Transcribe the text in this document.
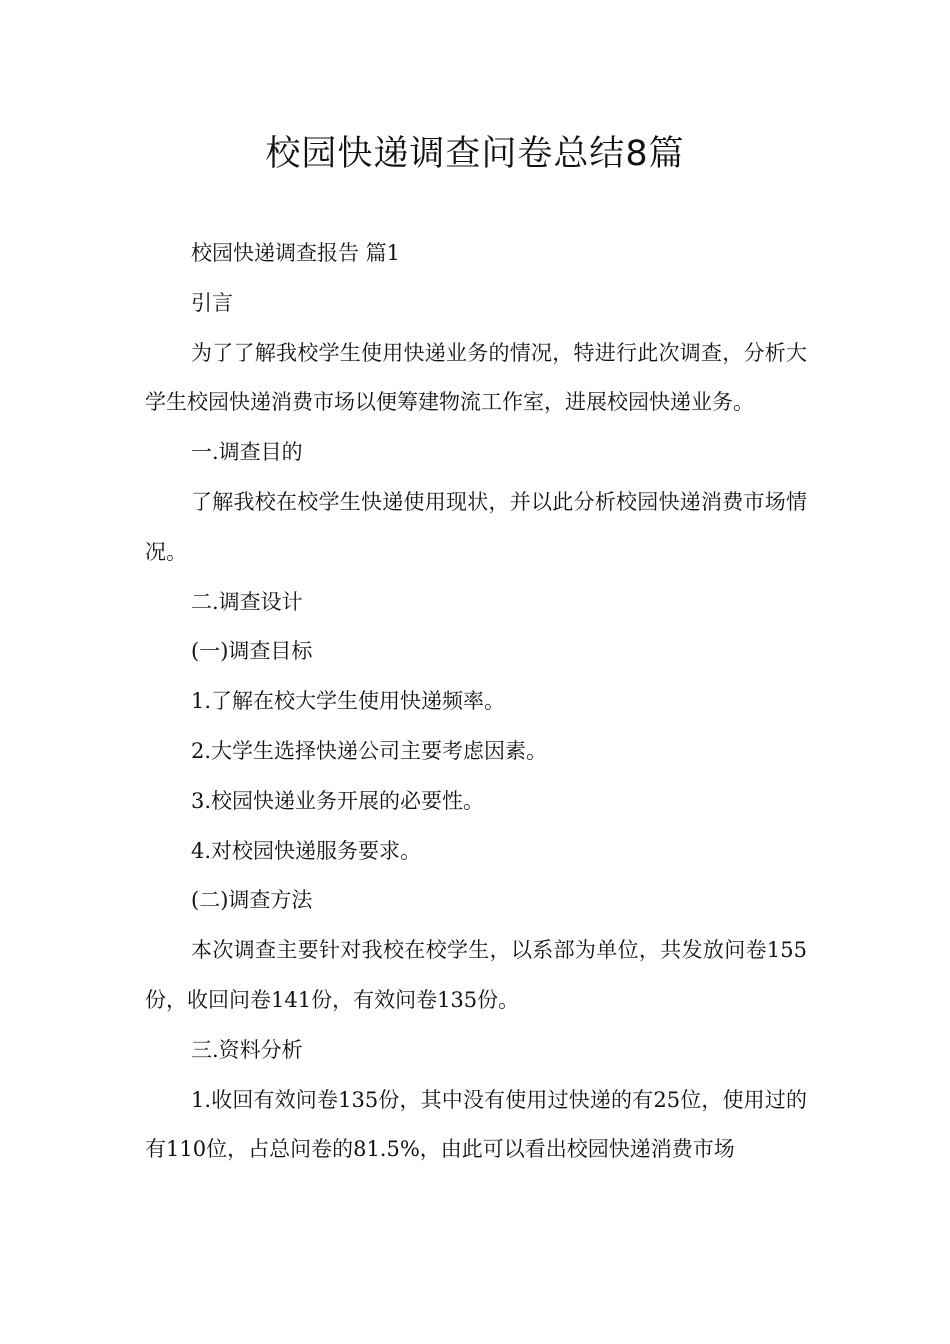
校园快递调查问卷总结8篇

校园快递调查报告 篇1

引言

为了了解我校学生使用快递业务的情况，特进行此次调查，分析大学生校园快递消费市场以便筹建物流工作室，进展校园快递业务。

一.调查目的

了解我校在校学生快递使用现状，并以此分析校园快递消费市场情况。

二.调查设计

(一)调查目标

1.了解在校大学生使用快递频率。

2.大学生选择快递公司主要考虑因素。

3.校园快递业务开展的必要性。

4.对校园快递服务要求。

(二)调查方法

本次调查主要针对我校在校学生，以系部为单位，共发放问卷155份，收回问卷141份，有效问卷135份。

三.资料分析

1.收回有效问卷135份，其中没有使用过快递的有25位，使用过的有110位，占总问卷的81.5%，由此可以看出校园快递消费市场
